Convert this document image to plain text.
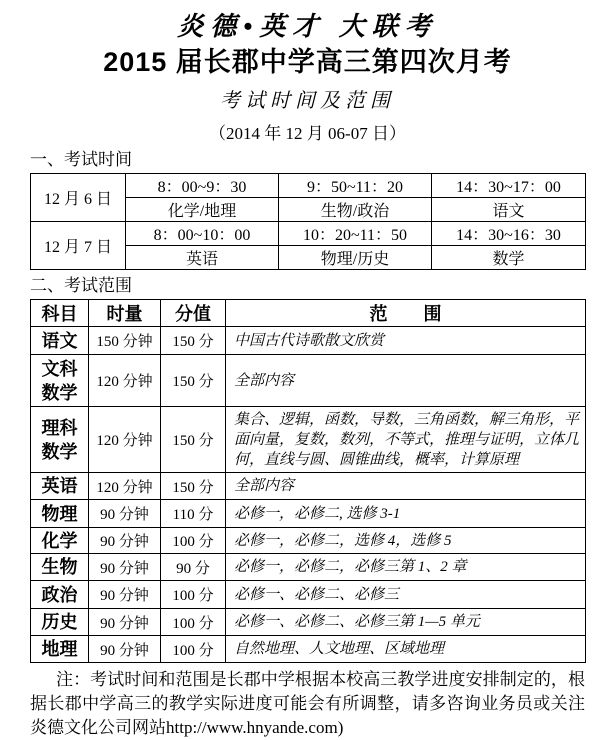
炎德•英才 大联考
2015 届长郡中学高三第四次月考
考试时间及范围
（2014 年 12 月 06-07 日）
一、考试时间
12 月 6 日	8：00~9：30	9：50~11：20	14：30~17：00
	化学/地理	生物/政治	语文
12 月 7 日	8：00~10：00	10：20~11：50	14：30~16：30
	英语	物理/历史	数学
二、考试范围
科目	时量	分值	范　　围
语文	150 分钟	150 分	中国古代诗歌散文欣赏
文科数学	120 分钟	150 分	全部内容
理科数学	120 分钟	150 分	集合、逻辑，函数，导数，三角函数，解三角形，平面向量，复数，数列，不等式，推理与证明，立体几何，直线与圆、圆锥曲线，概率，计算原理
英语	120 分钟	150 分	全部内容
物理	90 分钟	110 分	必修一，必修二, 选修 3-1
化学	90 分钟	100 分	必修一，必修二，选修 4，选修 5
生物	90 分钟	90 分	必修一，必修二，必修三第 1、2 章
政治	90 分钟	100 分	必修一、必修二、必修三
历史	90 分钟	100 分	必修一、必修二、必修三第 1—5 单元
地理	90 分钟	100 分	自然地理、人文地理、区域地理

注：考试时间和范围是长郡中学根据本校高三教学进度安排制定的，根据长郡中学高三的教学实际进度可能会有所调整，请多咨询业务员或关注炎德文化公司网站http://www.hnyande.com)
